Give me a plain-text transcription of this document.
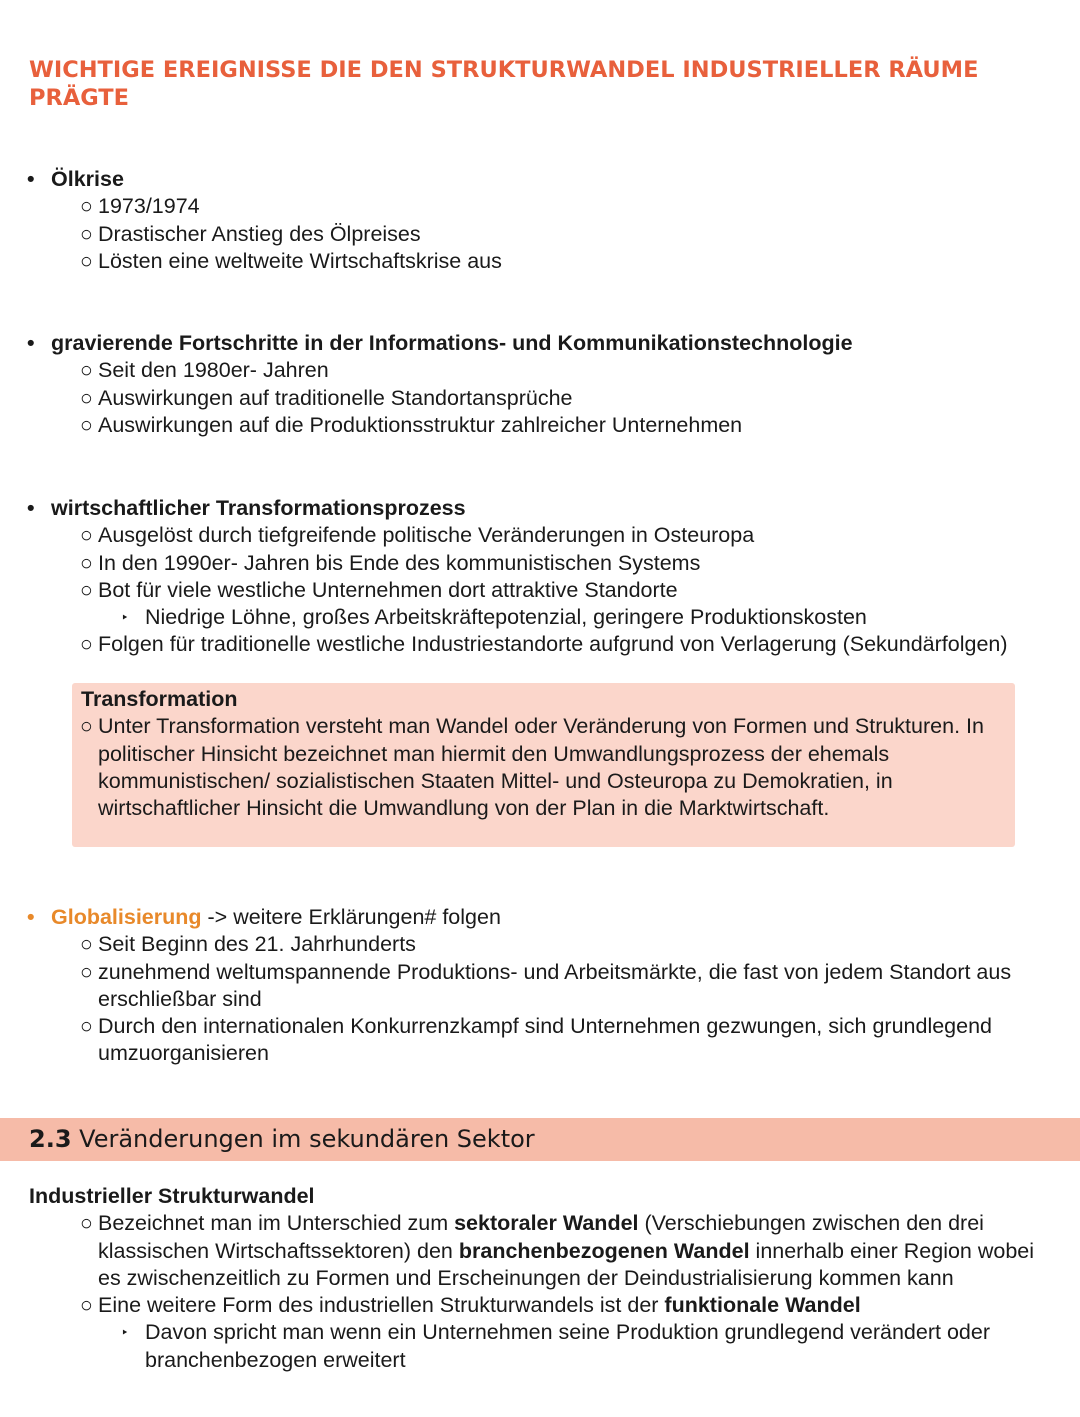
WICHTIGE EREIGNISSE DIE DEN STRUKTURWANDEL INDUSTRIELLER RÄUME PRÄGTE
• Ölkrise
○ 1973/1974
○ Drastischer Anstieg des Ölpreises
○ Lösten eine weltweite Wirtschaftskrise aus
• gravierende Fortschritte in der Informations- und Kommunikationstechnologie
○ Seit den 1980er- Jahren
○ Auswirkungen auf traditionelle Standortansprüche
○ Auswirkungen auf die Produktionsstruktur zahlreicher Unternehmen
• wirtschaftlicher Transformationsprozess
○ Ausgelöst durch tiefgreifende politische Veränderungen in Osteuropa
○ In den 1990er- Jahren bis Ende des kommunistischen Systems
○ Bot für viele westliche Unternehmen dort attraktive Standorte
‣ Niedrige Löhne, großes Arbeitskräftepotenzial, geringere Produktionskosten
○ Folgen für traditionelle westliche Industriestandorte aufgrund von Verlagerung (Sekundärfolgen)
Transformation
○ Unter Transformation versteht man Wandel oder Veränderung von Formen und Strukturen. In politischer Hinsicht bezeichnet man hiermit den Umwandlungsprozess der ehemals kommunistischen/ sozialistischen Staaten Mittel- und Osteuropa zu Demokratien, in wirtschaftlicher Hinsicht die Umwandlung von der Plan in die Marktwirtschaft.
• Globalisierung -> weitere Erklärungen# folgen
○ Seit Beginn des 21. Jahrhunderts
○ zunehmend weltumspannende Produktions- und Arbeitsmärkte, die fast von jedem Standort aus erschließbar sind
○ Durch den internationalen Konkurrenzkampf sind Unternehmen gezwungen, sich grundlegend umzuorganisieren
2.3 Veränderungen im sekundären Sektor
Industrieller Strukturwandel
○ Bezeichnet man im Unterschied zum sektoraler Wandel (Verschiebungen zwischen den drei klassischen Wirtschaftssektoren) den branchenbezogenen Wandel innerhalb einer Region wobei es zwischenzeitlich zu Formen und Erscheinungen der Deindustrialisierung kommen kann
○ Eine weitere Form des industriellen Strukturwandels ist der funktionale Wandel
‣ Davon spricht man wenn ein Unternehmen seine Produktion grundlegend verändert oder branchenbezogen erweitert
